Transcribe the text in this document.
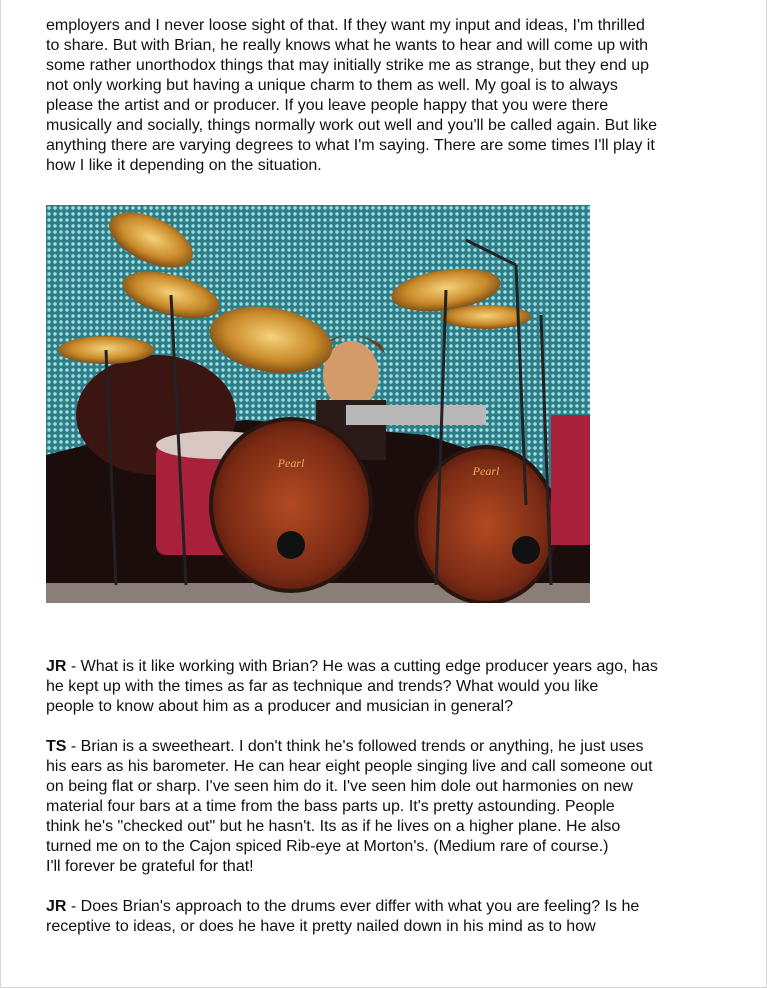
employers and I never loose sight of that. If they want my input and ideas, I'm thrilled
to share. But with Brian, he really knows what he wants to hear and will come up with
some rather unorthodox things that may initially strike me as strange, but they end up
not only working but having a unique charm to them as well. My goal is to always
please the artist and or producer. If you leave people happy that you were there
musically and socially, things normally work out well and you'll be called again. But like
anything there are varying degrees to what I'm saying. There are some times I'll play it
how I like it depending on the situation.
Pearl
Pearl
JR - What is it like working with Brian? He was a cutting edge producer years ago, has
he kept up with the times as far as technique and trends? What would you like
people to know about him as a producer and musician in general?
TS - Brian is a sweetheart. I don't think he's followed trends or anything, he just uses
his ears as his barometer. He can hear eight people singing live and call someone out
on being flat or sharp. I've seen him do it. I've seen him dole out harmonies on new
material four bars at a time from the bass parts up. It's pretty astounding. People
think he's "checked out" but he hasn't. Its as if he lives on a higher plane. He also
turned me on to the Cajon spiced Rib-eye at Morton's. (Medium rare of course.)
I'll forever be grateful for that!
JR - Does Brian's approach to the drums ever differ with what you are feeling? Is he
receptive to ideas, or does he have it pretty nailed down in his mind as to how
